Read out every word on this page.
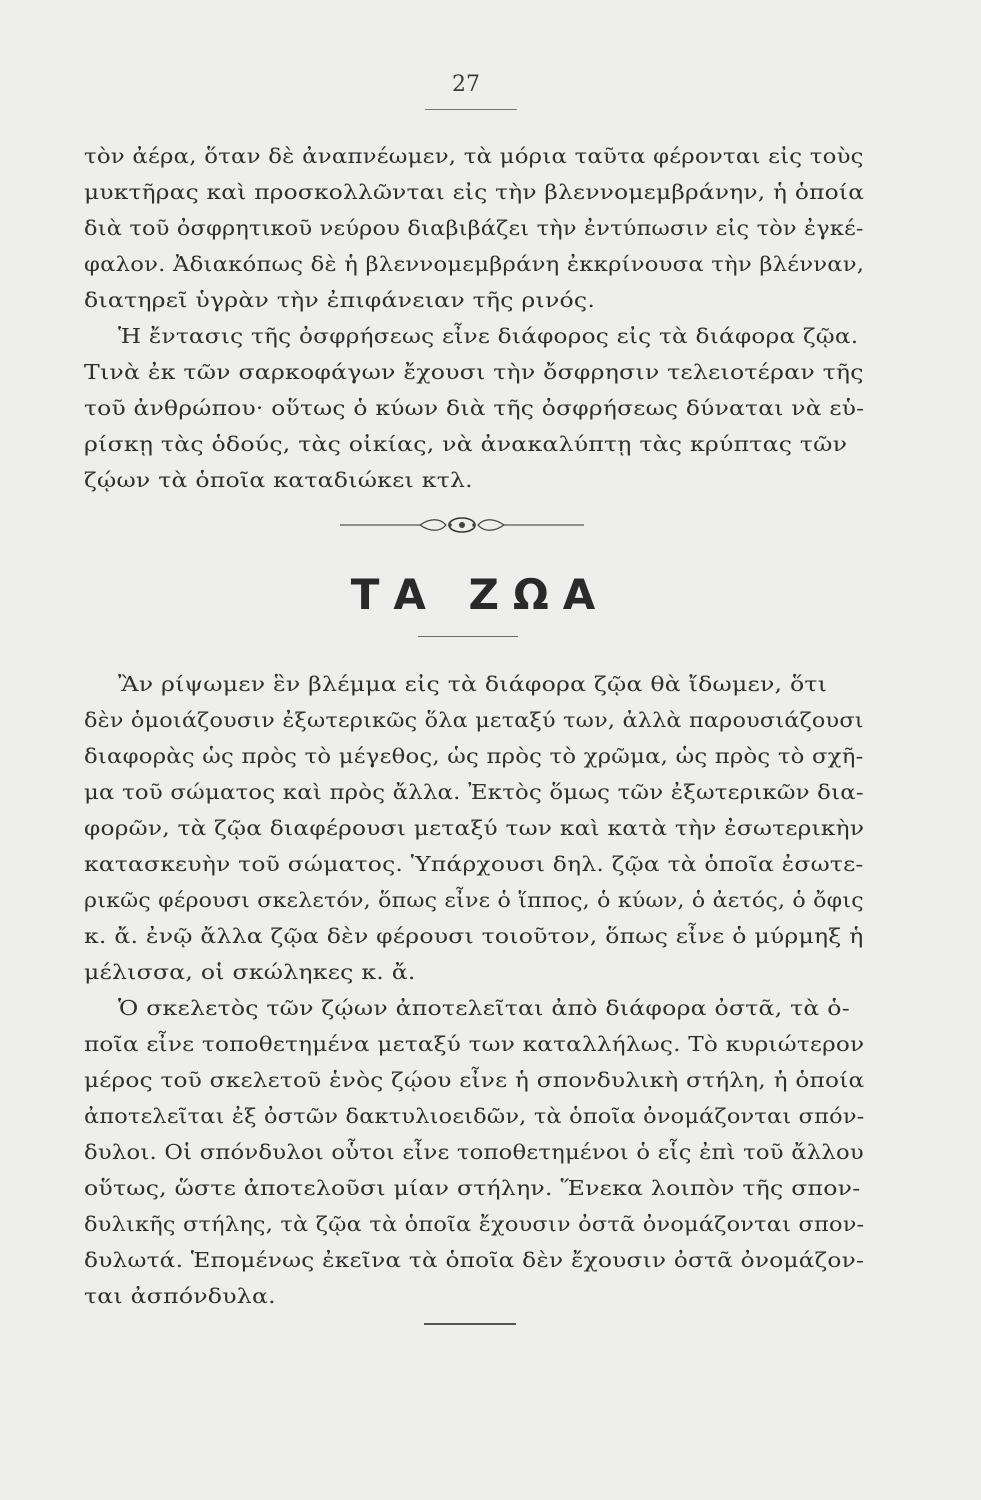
27
τὸν ἀέρα, ὅταν δὲ ἀναπνέωμεν, τὰ μόρια ταῦτα φέρονται εἰς τοὺς
μυκτῆρας καὶ προσκολλῶνται εἰς τὴν βλεννομεμβράνην, ἡ ὁποία
διὰ τοῦ ὀσφρητικοῦ νεύρου διαβιβάζει τὴν ἐντύπωσιν εἰς τὸν ἐγκέ-
φαλον. Ἀδιακόπως δὲ ἡ βλεννομεμβράνη ἐκκρίνουσα τὴν βλένναν,
διατηρεῖ ὑγρὰν τὴν ἐπιφάνειαν τῆς ρινός.
Ἡ ἔντασις τῆς ὀσφρήσεως εἶνε διάφορος εἰς τὰ διάφορα ζῷα.
Τινὰ ἐκ τῶν σαρκοφάγων ἔχουσι τὴν ὄσφρησιν τελειοτέραν τῆς
τοῦ ἀνθρώπου· οὕτως ὁ κύων διὰ τῆς ὀσφρήσεως δύναται νὰ εὑ-
ρίσκῃ τὰς ὁδούς, τὰς οἰκίας, νὰ ἀνακαλύπτῃ τὰς κρύπτας τῶν
ζῴων τὰ ὁποῖα καταδιώκει κτλ.
ΤΑ ΖΩΑ
Ἂν ρίψωμεν ἓν βλέμμα εἰς τὰ διάφορα ζῷα θὰ ἴδωμεν, ὅτι
δὲν ὁμοιάζουσιν ἐξωτερικῶς ὅλα μεταξύ των, ἀλλὰ παρουσιάζουσι
διαφορὰς ὡς πρὸς τὸ μέγεθος, ὡς πρὸς τὸ χρῶμα, ὡς πρὸς τὸ σχῆ-
μα τοῦ σώματος καὶ πρὸς ἄλλα. Ἐκτὸς ὅμως τῶν ἐξωτερικῶν δια-
φορῶν, τὰ ζῷα διαφέρουσι μεταξύ των καὶ κατὰ τὴν ἐσωτερικὴν
κατασκευὴν τοῦ σώματος. Ὑπάρχουσι δηλ. ζῷα τὰ ὁποῖα ἐσωτε-
ρικῶς φέρουσι σκελετόν, ὅπως εἶνε ὁ ἵππος, ὁ κύων, ὁ ἀετός, ὁ ὄφις
κ. ἄ. ἐνῷ ἄλλα ζῷα δὲν φέρουσι τοιοῦτον, ὅπως εἶνε ὁ μύρμηξ ἡ
μέλισσα, οἱ σκώληκες κ. ἄ.
Ὁ σκελετὸς τῶν ζῴων ἀποτελεῖται ἀπὸ διάφορα ὀστᾶ, τὰ ὁ-
ποῖα εἶνε τοποθετημένα μεταξύ των καταλλήλως. Τὸ κυριώτερον
μέρος τοῦ σκελετοῦ ἑνὸς ζῴου εἶνε ἡ σπονδυλικὴ στήλη, ἡ ὁποία
ἀποτελεῖται ἐξ ὀστῶν δακτυλιοειδῶν, τὰ ὁποῖα ὀνομάζονται σπόν-
δυλοι. Οἱ σπόνδυλοι οὗτοι εἶνε τοποθετημένοι ὁ εἷς ἐπὶ τοῦ ἄλλου
οὕτως, ὥστε ἀποτελοῦσι μίαν στήλην. Ἕνεκα λοιπὸν τῆς σπον-
δυλικῆς στήλης, τὰ ζῷα τὰ ὁποῖα ἔχουσιν ὀστᾶ ὀνομάζονται σπον-
δυλωτά. Ἑπομένως ἐκεῖνα τὰ ὁποῖα δὲν ἔχουσιν ὀστᾶ ὀνομάζον-
ται ἀσπόνδυλα.
